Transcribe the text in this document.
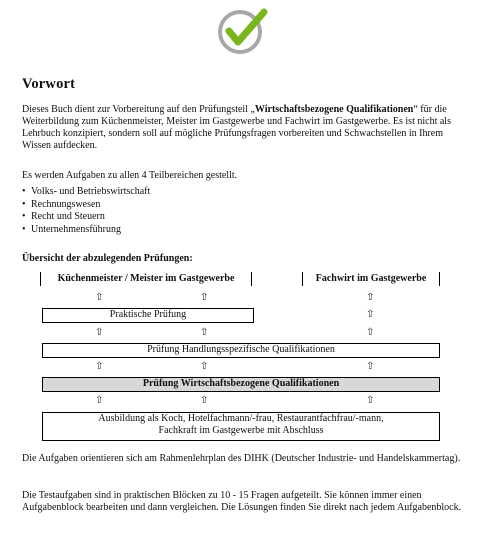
Vorwort
Dieses Buch dient zur Vorbereitung auf den Prüfungsteil „Wirtschaftsbezogene Qualifikationen“ für die Weiterbildung zum Küchenmeister, Meister im Gastgewerbe und Fachwirt im Gastgewerbe. Es ist nicht als Lehrbuch konzipiert, sondern soll auf mögliche Prüfungsfragen vorbereiten und Schwachstellen in Ihrem Wissen aufdecken.
Es werden Aufgaben zu allen 4 Teilbereichen gestellt.
• Volks- und Betriebswirtschaft
• Rechnungswesen
• Recht und Steuern
• Unternehmensführung
Übersicht der abzulegenden Prüfungen:
Küchenmeister / Meister im Gastgewerbe	Fachwirt im Gastgewerbe
⇧	⇧	⇧
Praktische Prüfung	⇧
⇧	⇧	⇧
Prüfung Handlungsspezifische Qualifikationen
⇧	⇧	⇧
Prüfung Wirtschaftsbezogene Qualifikationen
⇧	⇧	⇧
Ausbildung als Koch, Hotelfachmann/-frau, Restaurantfachfrau/-mann,
Fachkraft im Gastgewerbe mit Abschluss
Die Aufgaben orientieren sich am Rahmenlehrplan des DIHK (Deutscher Industrie- und Handelskammertag).
Die Testaufgaben sind in praktischen Blöcken zu 10 - 15 Fragen aufgeteilt. Sie können immer einen Aufgabenblock bearbeiten und dann vergleichen. Die Lösungen finden Sie direkt nach jedem Aufgabenblock.
